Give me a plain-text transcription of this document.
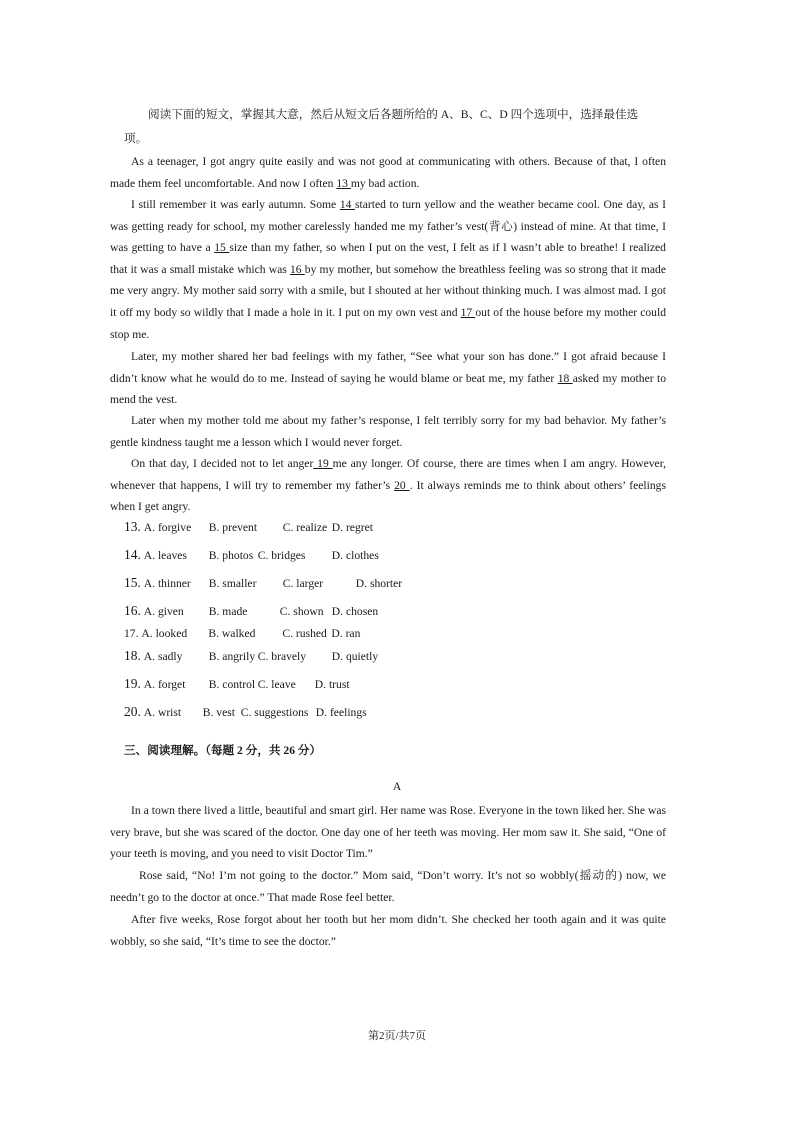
阅读下面的短文，掌握其大意，然后从短文后各题所给的 A、B、C、D 四个选项中，选择最佳选
项。

As a teenager, I got angry quite easily and was not good at communicating with others. Because of that, I often made them feel uncomfortable. And now I often 13 my bad action.

I still remember it was early autumn. Some 14 started to turn yellow and the weather became cool. One day, as I was getting ready for school, my mother carelessly handed me my father’s vest(背心) instead of mine. At that time, I was getting to have a 15 size than my father, so when I put on the vest, I felt as if I wasn’t able to breathe! I realized that it was a small mistake which was 16 by my mother, but somehow the breathless feeling was so strong that it made me very angry. My mother said sorry with a smile, but I shouted at her without thinking much. I was almost mad. I got it off my body so wildly that I made a hole in it. I put on my own vest and 17 out of the house before my mother could stop me.

Later, my mother shared her bad feelings with my father, “See what your son has done.” I got afraid because I didn’t know what he would do to me. Instead of saying he would blame or beat me, my father 18 asked my mother to mend the vest.

Later when my mother told me about my father’s response, I felt terribly sorry for my bad behavior. My father’s gentle kindness taught me a lesson which I would never forget.

On that day, I decided not to let anger 19 me any longer. Of course, there are times when I am angry. However, whenever that happens, I will try to remember my father’s 20 . It always reminds me to think about others’ feelings when I get angry.

13. A. forgive B. prevent C. realize D. regret

14. A. leaves B. photos C. bridges D. clothes

15. A. thinner B. smaller C. larger	D. shorter

16. A. given B. made	C. shown D. chosen

17. A. looked B. walked C. rushed D. ran

18. A. sadly B. angrily C. bravely D. quietly

19. A. forget B. control C. leave D. trust

20. A. wrist B. vest C. suggestions D. feelings

三、阅读理解。（每题 2 分，共 26 分）

A

In a town there lived a little, beautiful and smart girl. Her name was Rose. Everyone in the town liked her. She was very brave, but she was scared of the doctor. One day one of her teeth was moving. Her mom saw it. She said, “One of your teeth is moving, and you need to visit Doctor Tim.”

Rose said, “No! I’m not going to the doctor.” Mom said, “Don’t worry. It’s not so wobbly(摇动的) now, we needn’t go to the doctor at once.” That made Rose feel better.

After five weeks, Rose forgot about her tooth but her mom didn’t. She checked her tooth again and it was quite wobbly, so she said, “It’s time to see the doctor.”

第2页/共7页
